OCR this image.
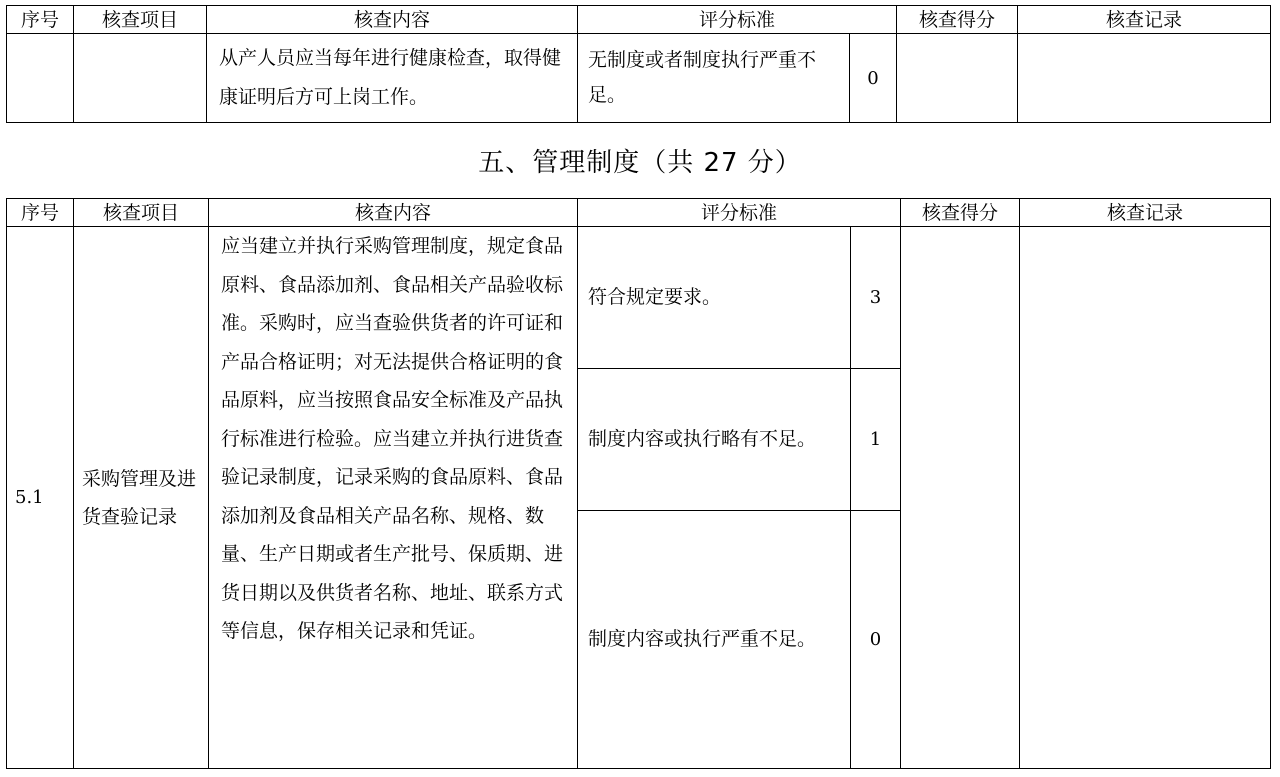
序号	核查项目	核查内容	评分标准		核查得分	核查记录
		从产人员应当每年进行健康检查，取得健康证明后方可上岗工作。	无制度或者制度执行严重不足。	0		
五、管理制度（共 27 分）
序号	核查项目	核查内容	评分标准		核查得分	核查记录
5.1	采购管理及进货查验记录	应当建立并执行采购管理制度，规定食品原料、食品添加剂、食品相关产品验收标准。采购时，应当查验供货者的许可证和产品合格证明；对无法提供合格证明的食品原料，应当按照食品安全标准及产品执行标准进行检验。应当建立并执行进货查验记录制度，记录采购的食品原料、食品添加剂及食品相关产品名称、规格、数量、生产日期或者生产批号、保质期、进货日期以及供货者名称、地址、联系方式等信息，保存相关记录和凭证。	符合规定要求。	3		
			制度内容或执行略有不足。	1		
			制度内容或执行严重不足。	0		
